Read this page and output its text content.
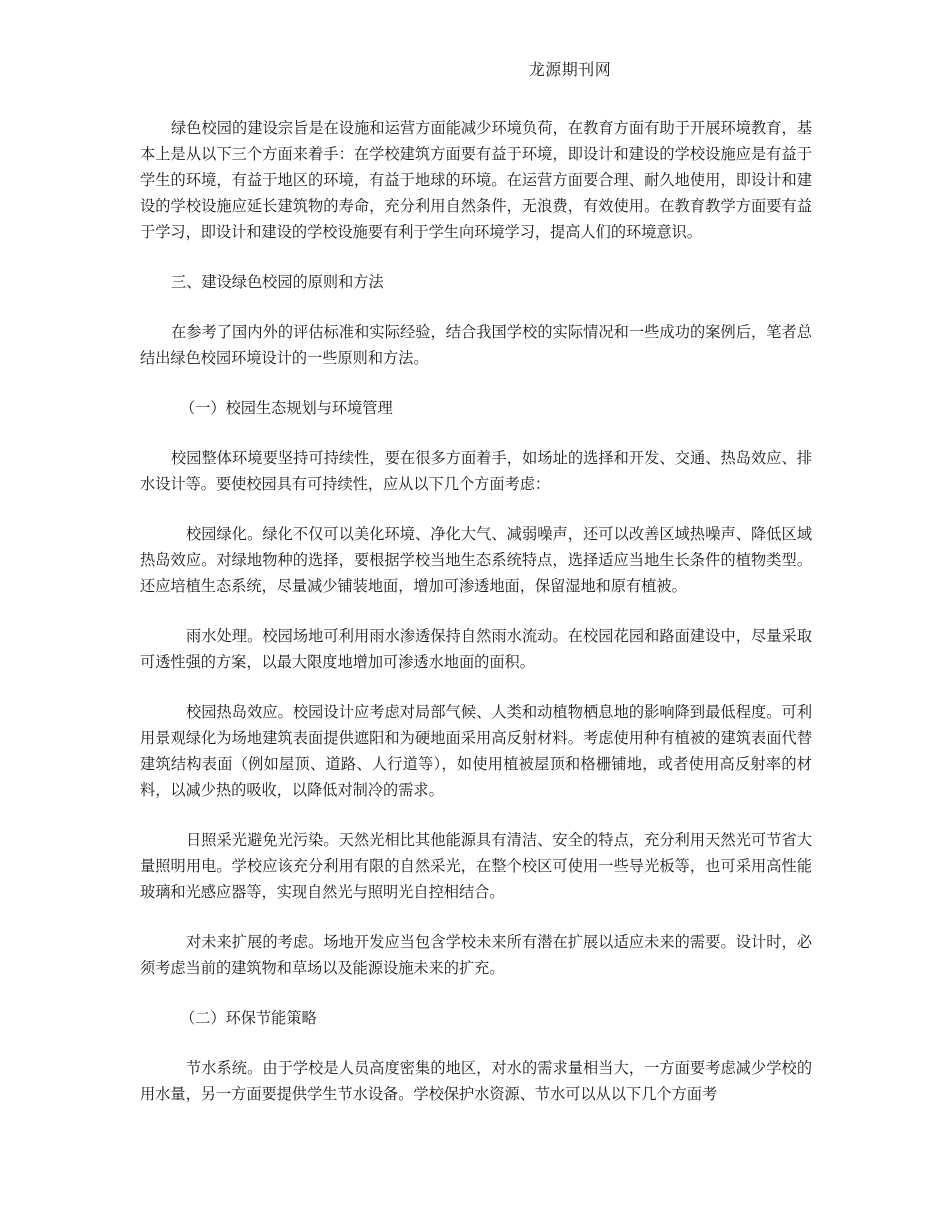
龙源期刊网

绿色校园的建设宗旨是在设施和运营方面能减少环境负荷，在教育方面有助于开展环境教育，基本上是从以下三个方面来着手：在学校建筑方面要有益于环境，即设计和建设的学校设施应是有益于学生的环境，有益于地区的环境，有益于地球的环境。在运营方面要合理、耐久地使用，即设计和建设的学校设施应延长建筑物的寿命，充分利用自然条件，无浪费，有效使用。在教育教学方面要有益于学习，即设计和建设的学校设施要有利于学生向环境学习，提高人们的环境意识。

三、建设绿色校园的原则和方法

在参考了国内外的评估标准和实际经验，结合我国学校的实际情况和一些成功的案例后，笔者总结出绿色校园环境设计的一些原则和方法。

（一）校园生态规划与环境管理

校园整体环境要坚持可持续性，要在很多方面着手，如场址的选择和开发、交通、热岛效应、排水设计等。要使校园具有可持续性，应从以下几个方面考虑：

校园绿化。绿化不仅可以美化环境、净化大气、减弱噪声，还可以改善区域热噪声、降低区域热岛效应。对绿地物种的选择，要根据学校当地生态系统特点，选择适应当地生长条件的植物类型。还应培植生态系统，尽量减少铺装地面，增加可渗透地面，保留湿地和原有植被。

雨水处理。校园场地可利用雨水渗透保持自然雨水流动。在校园花园和路面建设中，尽量采取可透性强的方案，以最大限度地增加可渗透水地面的面积。

校园热岛效应。校园设计应考虑对局部气候、人类和动植物栖息地的影响降到最低程度。可利用景观绿化为场地建筑表面提供遮阳和为硬地面采用高反射材料。考虑使用种有植被的建筑表面代替建筑结构表面（例如屋顶、道路、人行道等），如使用植被屋顶和格栅铺地，或者使用高反射率的材料，以减少热的吸收，以降低对制冷的需求。

日照采光避免光污染。天然光相比其他能源具有清洁、安全的特点，充分利用天然光可节省大量照明用电。学校应该充分利用有限的自然采光，在整个校区可使用一些导光板等，也可采用高性能玻璃和光感应器等，实现自然光与照明光自控相结合。

对未来扩展的考虑。场地开发应当包含学校未来所有潜在扩展以适应未来的需要。设计时，必须考虑当前的建筑物和草场以及能源设施未来的扩充。

（二）环保节能策略

节水系统。由于学校是人员高度密集的地区，对水的需求量相当大，一方面要考虑减少学校的用水量，另一方面要提供学生节水设备。学校保护水资源、节水可以从以下几个方面考
